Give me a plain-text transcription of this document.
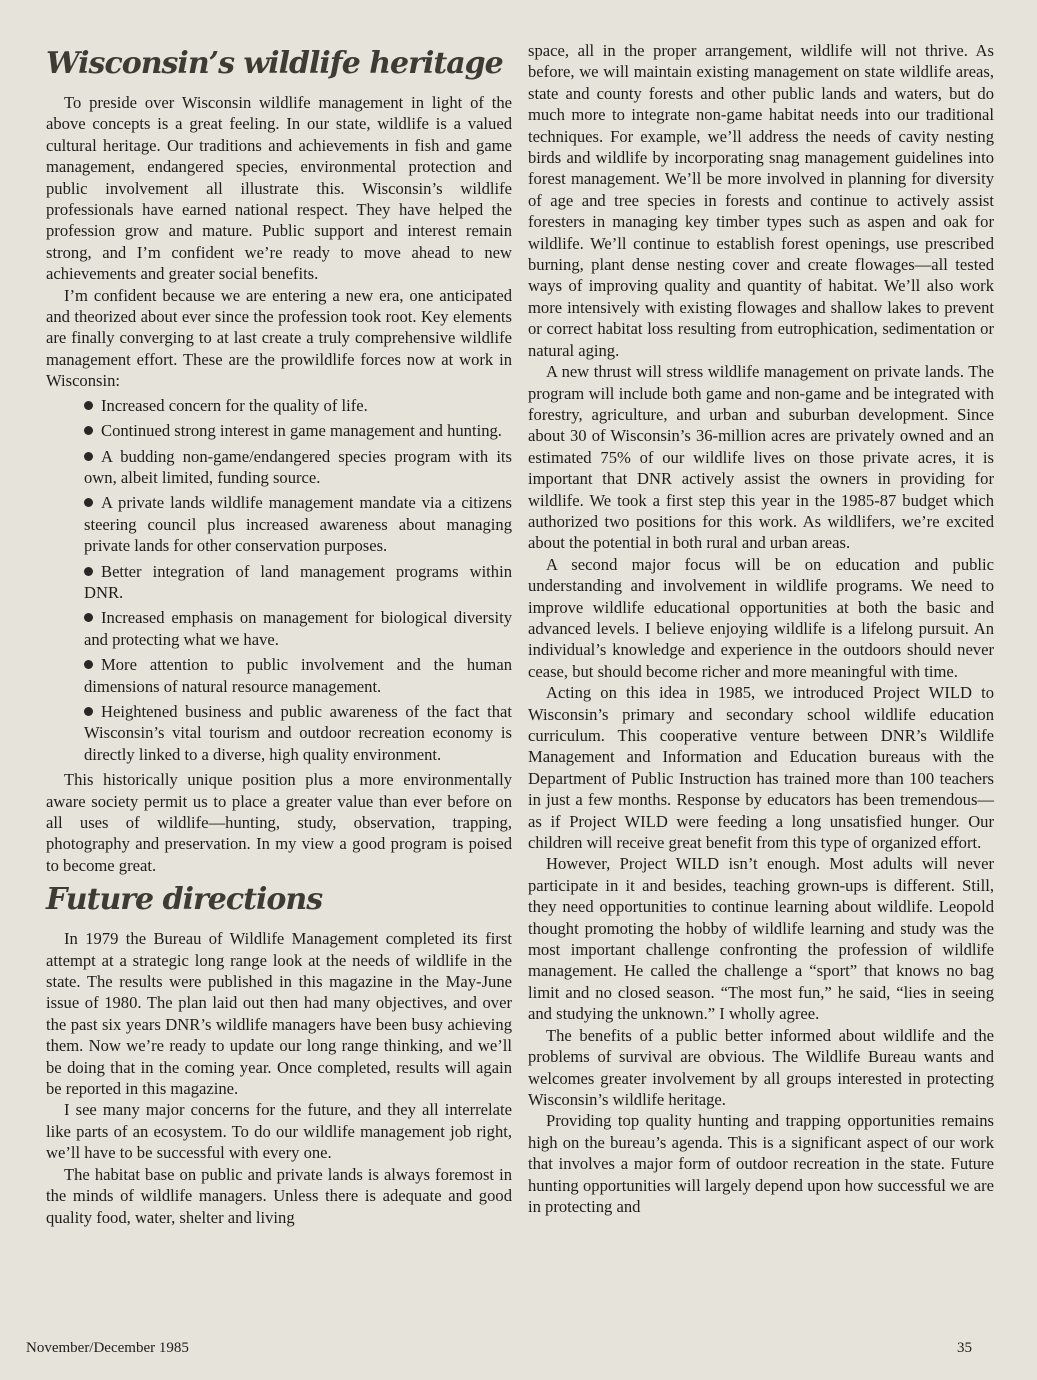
Wisconsin’s wildlife heritage

To preside over Wisconsin wildlife management in light of the above concepts is a great feeling. In our state, wildlife is a valued cultural heritage. Our traditions and achievements in fish and game management, endangered species, environmental protection and public involvement all illustrate this. Wisconsin’s wildlife professionals have earned national respect. They have helped the profession grow and mature. Public support and interest remain strong, and I’m confident we’re ready to move ahead to new achievements and greater social benefits.

I’m confident because we are entering a new era, one anticipated and theorized about ever since the profession took root. Key elements are finally converging to at last create a truly comprehensive wildlife management effort. These are the prowildlife forces now at work in Wisconsin:

Increased concern for the quality of life.
Continued strong interest in game management and hunting.
A budding non-game/endangered species program with its own, albeit limited, funding source.
A private lands wildlife management mandate via a citizens steering council plus increased awareness about managing private lands for other conservation purposes.
Better integration of land management programs within DNR.
Increased emphasis on management for biological diversity and protecting what we have.
More attention to public involvement and the human dimensions of natural resource management.
Heightened business and public awareness of the fact that Wisconsin’s vital tourism and outdoor recreation economy is directly linked to a diverse, high quality environment.

This historically unique position plus a more environmentally aware society permit us to place a greater value than ever before on all uses of wildlife—hunting, study, observation, trapping, photography and preservation. In my view a good program is poised to become great.

Future directions

In 1979 the Bureau of Wildlife Management completed its first attempt at a strategic long range look at the needs of wildlife in the state. The results were published in this magazine in the May-June issue of 1980. The plan laid out then had many objectives, and over the past six years DNR’s wildlife managers have been busy achieving them. Now we’re ready to update our long range thinking, and we’ll be doing that in the coming year. Once completed, results will again be reported in this magazine.

I see many major concerns for the future, and they all interrelate like parts of an ecosystem. To do our wildlife management job right, we’ll have to be successful with every one.

The habitat base on public and private lands is always foremost in the minds of wildlife managers. Unless there is adequate and good quality food, water, shelter and living

space, all in the proper arrangement, wildlife will not thrive. As before, we will maintain existing management on state wildlife areas, state and county forests and other public lands and waters, but do much more to integrate non-game habitat needs into our traditional techniques. For example, we’ll address the needs of cavity nesting birds and wildlife by incorporating snag management guidelines into forest management. We’ll be more involved in planning for diversity of age and tree species in forests and continue to actively assist foresters in managing key timber types such as aspen and oak for wildlife. We’ll continue to establish forest openings, use prescribed burning, plant dense nesting cover and create flowages—all tested ways of improving quality and quantity of habitat. We’ll also work more intensively with existing flowages and shallow lakes to prevent or correct habitat loss resulting from eutrophication, sedimentation or natural aging.

A new thrust will stress wildlife management on private lands. The program will include both game and non-game and be integrated with forestry, agriculture, and urban and suburban development. Since about 30 of Wisconsin’s 36-million acres are privately owned and an estimated 75% of our wildlife lives on those private acres, it is important that DNR actively assist the owners in providing for wildlife. We took a first step this year in the 1985-87 budget which authorized two positions for this work. As wildlifers, we’re excited about the potential in both rural and urban areas.

A second major focus will be on education and public understanding and involvement in wildlife programs. We need to improve wildlife educational opportunities at both the basic and advanced levels. I believe enjoying wildlife is a lifelong pursuit. An individual’s knowledge and experience in the outdoors should never cease, but should become richer and more meaningful with time.

Acting on this idea in 1985, we introduced Project WILD to Wisconsin’s primary and secondary school wildlife education curriculum. This cooperative venture between DNR’s Wildlife Management and Information and Education bureaus with the Department of Public Instruction has trained more than 100 teachers in just a few months. Response by educators has been tremendous—as if Project WILD were feeding a long unsatisfied hunger. Our children will receive great benefit from this type of organized effort.

However, Project WILD isn’t enough. Most adults will never participate in it and besides, teaching grown-ups is different. Still, they need opportunities to continue learning about wildlife. Leopold thought promoting the hobby of wildlife learning and study was the most important challenge confronting the profession of wildlife management. He called the challenge a “sport” that knows no bag limit and no closed season. “The most fun,” he said, “lies in seeing and studying the unknown.” I wholly agree.

The benefits of a public better informed about wildlife and the problems of survival are obvious. The Wildlife Bureau wants and welcomes greater involvement by all groups interested in protecting Wisconsin’s wildlife heritage.

Providing top quality hunting and trapping opportunities remains high on the bureau’s agenda. This is a significant aspect of our work that involves a major form of outdoor recreation in the state. Future hunting opportunities will largely depend upon how successful we are in protecting and

November/December 1985	35
